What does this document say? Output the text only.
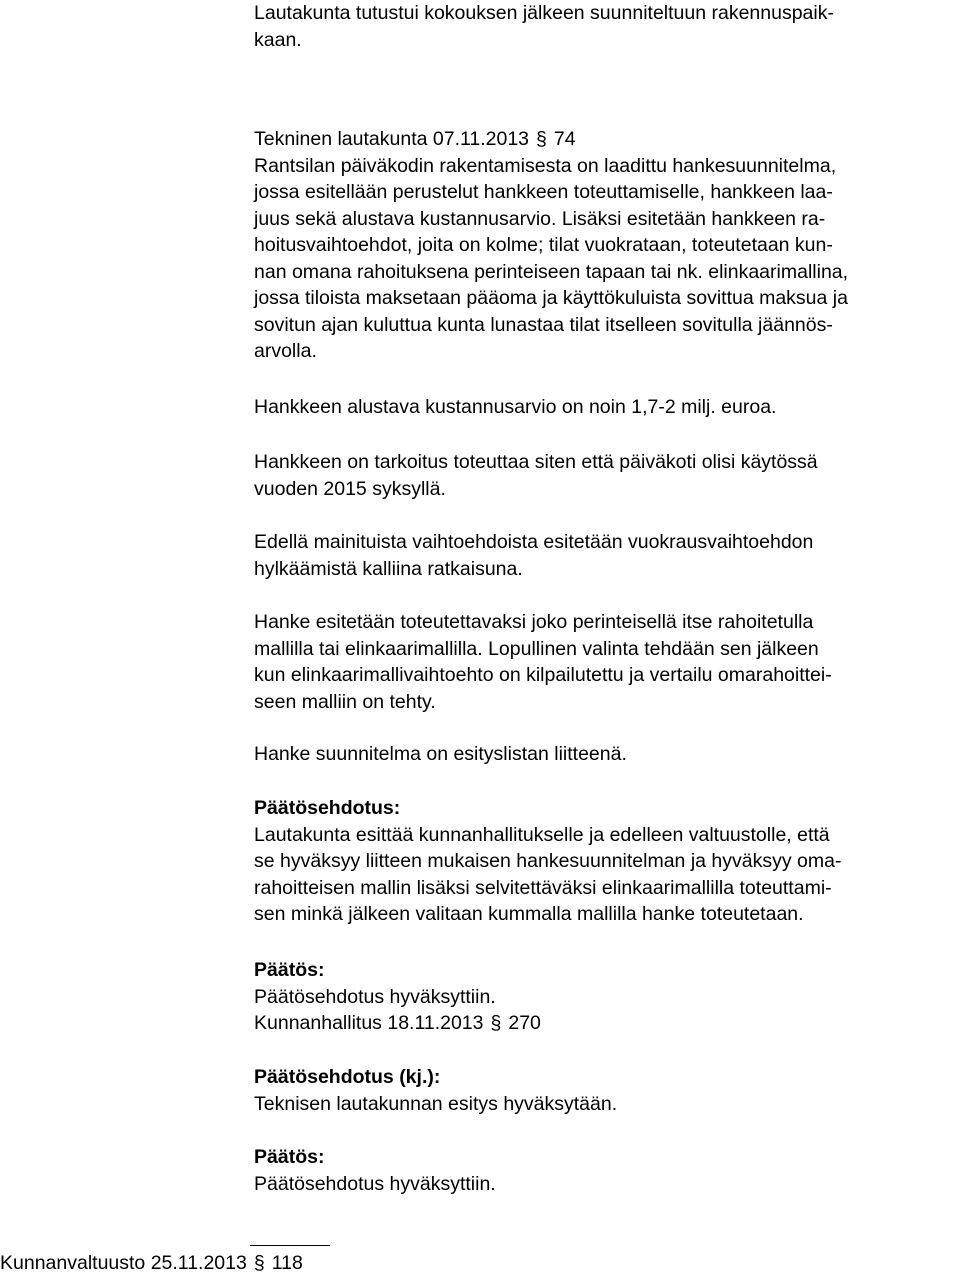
Lautakunta tutustui kokouksen jälkeen suunniteltuun rakennuspaik-
kaan.
Tekninen lautakunta 07.11.2013 § 74
Rantsilan päiväkodin rakentamisesta on laadittu hankesuunnitelma,
jossa esitellään perustelut hankkeen toteuttamiselle, hankkeen laa-
juus sekä alustava kustannusarvio. Lisäksi esitetään hankkeen ra-
hoitusvaihtoehdot, joita on kolme; tilat vuokrataan, toteutetaan kun-
nan omana rahoituksena perinteiseen tapaan tai nk. elinkaarimallina,
jossa tiloista maksetaan pääoma ja käyttökuluista sovittua maksua ja
sovitun ajan kuluttua kunta lunastaa tilat itselleen sovitulla jäännös-
arvolla.
Hankkeen alustava kustannusarvio on noin 1,7-2 milj. euroa.
Hankkeen on tarkoitus toteuttaa siten että päiväkoti olisi käytössä
vuoden 2015 syksyllä.
Edellä mainituista vaihtoehdoista esitetään vuokrausvaihtoehdon
hylkäämistä kalliina ratkaisuna.
Hanke esitetään toteutettavaksi joko perinteisellä itse rahoitetulla
mallilla tai elinkaarimallilla. Lopullinen valinta tehdään sen jälkeen
kun elinkaarimallivaihtoehto on kilpailutettu ja vertailu omarahoittei-
seen malliin on tehty.
Hanke suunnitelma on esityslistan liitteenä.
Päätösehdotus:
Lautakunta esittää kunnanhallitukselle ja edelleen valtuustolle, että
se hyväksyy liitteen mukaisen hankesuunnitelman ja hyväksyy oma-
rahoitteisen mallin lisäksi selvitettäväksi elinkaarimallilla toteuttami-
sen minkä jälkeen valitaan kummalla mallilla hanke toteutetaan.
Päätös:
Päätösehdotus hyväksyttiin.
Kunnanhallitus 18.11.2013 § 270
Päätösehdotus (kj.):
Teknisen lautakunnan esitys hyväksytään.
Päätös:
Päätösehdotus hyväksyttiin.
Kunnanvaltuusto 25.11.2013 § 118
